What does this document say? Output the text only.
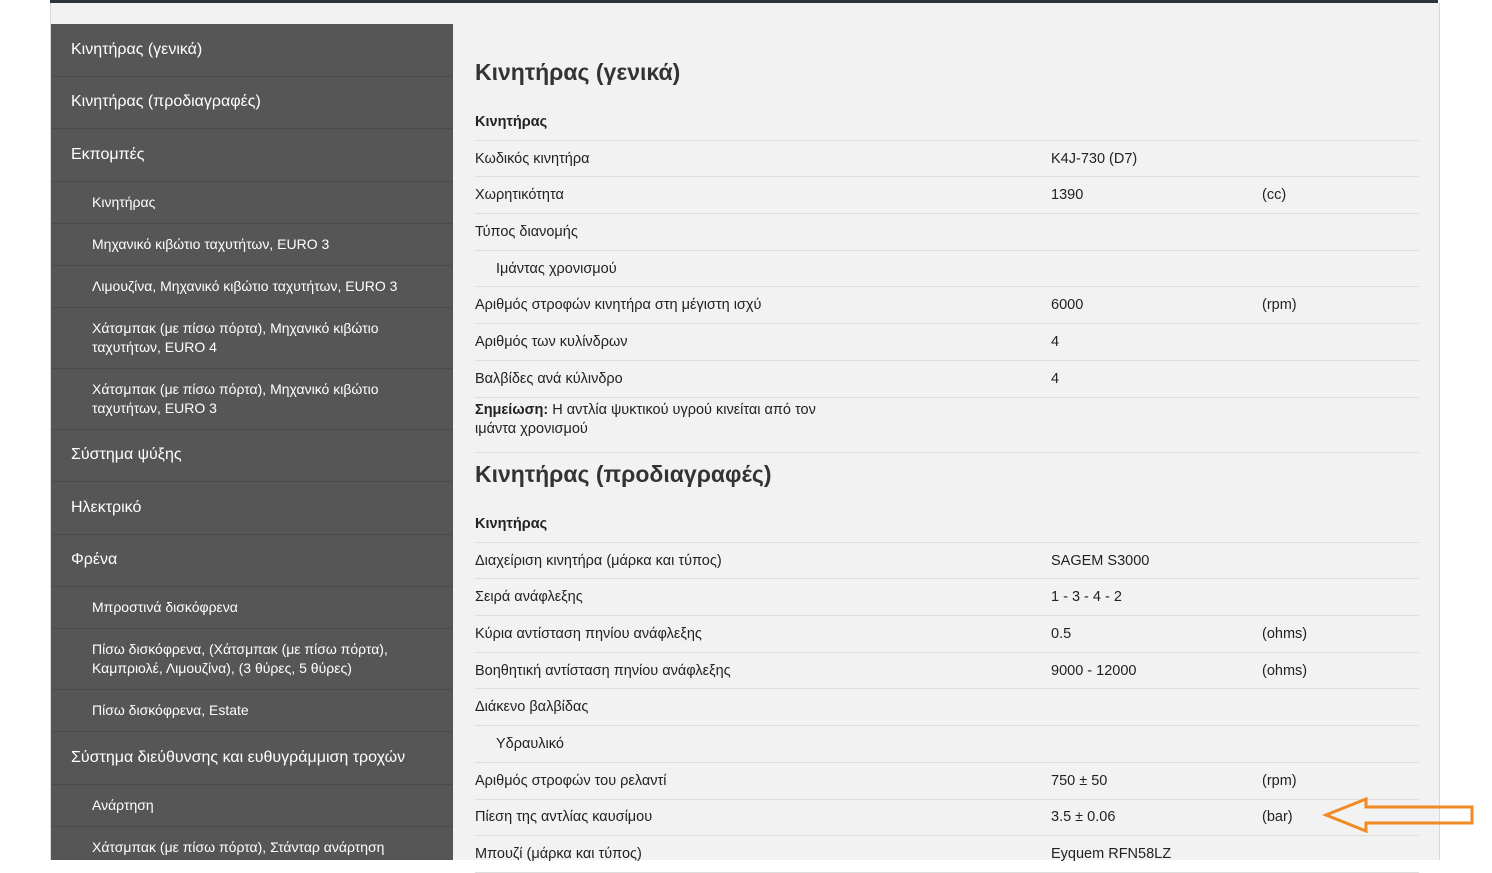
Κινητήρας (γενικά)
Κινητήρας (προδιαγραφές)
Εκπομπές
Κινητήρας
Μηχανικό κιβώτιο ταχυτήτων, EURO 3
Λιμουζίνα, Μηχανικό κιβώτιο ταχυτήτων, EURO 3
Χάτσμπακ (με πίσω πόρτα), Μηχανικό κιβώτιο ταχυτήτων, EURO 4
Χάτσμπακ (με πίσω πόρτα), Μηχανικό κιβώτιο ταχυτήτων, EURO 3
Σύστημα ψύξης
Ηλεκτρικό
Φρένα
Μπροστινά δισκόφρενα
Πίσω δισκόφρενα, (Χάτσμπακ (με πίσω πόρτα), Καμπριολέ, Λιμουζίνα), (3 θύρες, 5 θύρες)
Πίσω δισκόφρενα, Estate
Σύστημα διεύθυνσης και ευθυγράμμιση τροχών
Ανάρτηση
Χάτσμπακ (με πίσω πόρτα), Στάνταρ ανάρτηση
Κινητήρας (γενικά)
Κινητήρας
Κωδικός κινητήρα	K4J-730 (D7)
Χωρητικότητα	1390	(cc)
Τύπος διανομής
Ιμάντας χρονισμού
Αριθμός στροφών κινητήρα στη μέγιστη ισχύ	6000	(rpm)
Αριθμός των κυλίνδρων	4
Βαλβίδες ανά κύλινδρο	4
Σημείωση: Η αντλία ψυκτικού υγρού κινείται από τον ιμάντα χρονισμού
Κινητήρας (προδιαγραφές)
Κινητήρας
Διαχείριση κινητήρα (μάρκα και τύπος)	SAGEM S3000
Σειρά ανάφλεξης	1 - 3 - 4 - 2
Κύρια αντίσταση πηνίου ανάφλεξης	0.5	(ohms)
Βοηθητική αντίσταση πηνίου ανάφλεξης	9000 - 12000	(ohms)
Διάκενο βαλβίδας
Υδραυλικό
Αριθμός στροφών του ρελαντί	750 ± 50	(rpm)
Πίεση της αντλίας καυσίμου	3.5 ± 0.06	(bar)
Μπουζί (μάρκα και τύπος)	Eyquem RFN58LZ
